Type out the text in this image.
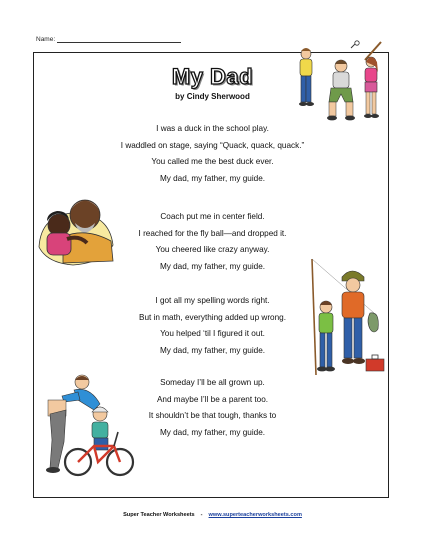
Name:
My Dad
by Cindy Sherwood
I was a duck in the school play.
I waddled on stage, saying “Quack, quack, quack.”
You called me the best duck ever.
My dad, my father, my guide.
Coach put me in center field.
I reached for the fly ball—and dropped it.
You cheered like crazy anyway.
My dad, my father, my guide.
I got all my spelling words right.
But in math, everything added up wrong.
You helped ‘til I figured it out.
My dad, my father, my guide.
Someday I’ll be all grown up.
And maybe I’ll be a parent too.
It shouldn’t be that tough, thanks to
My dad, my father, my guide.
Super Teacher Worksheets - www.superteacherworksheets.com
